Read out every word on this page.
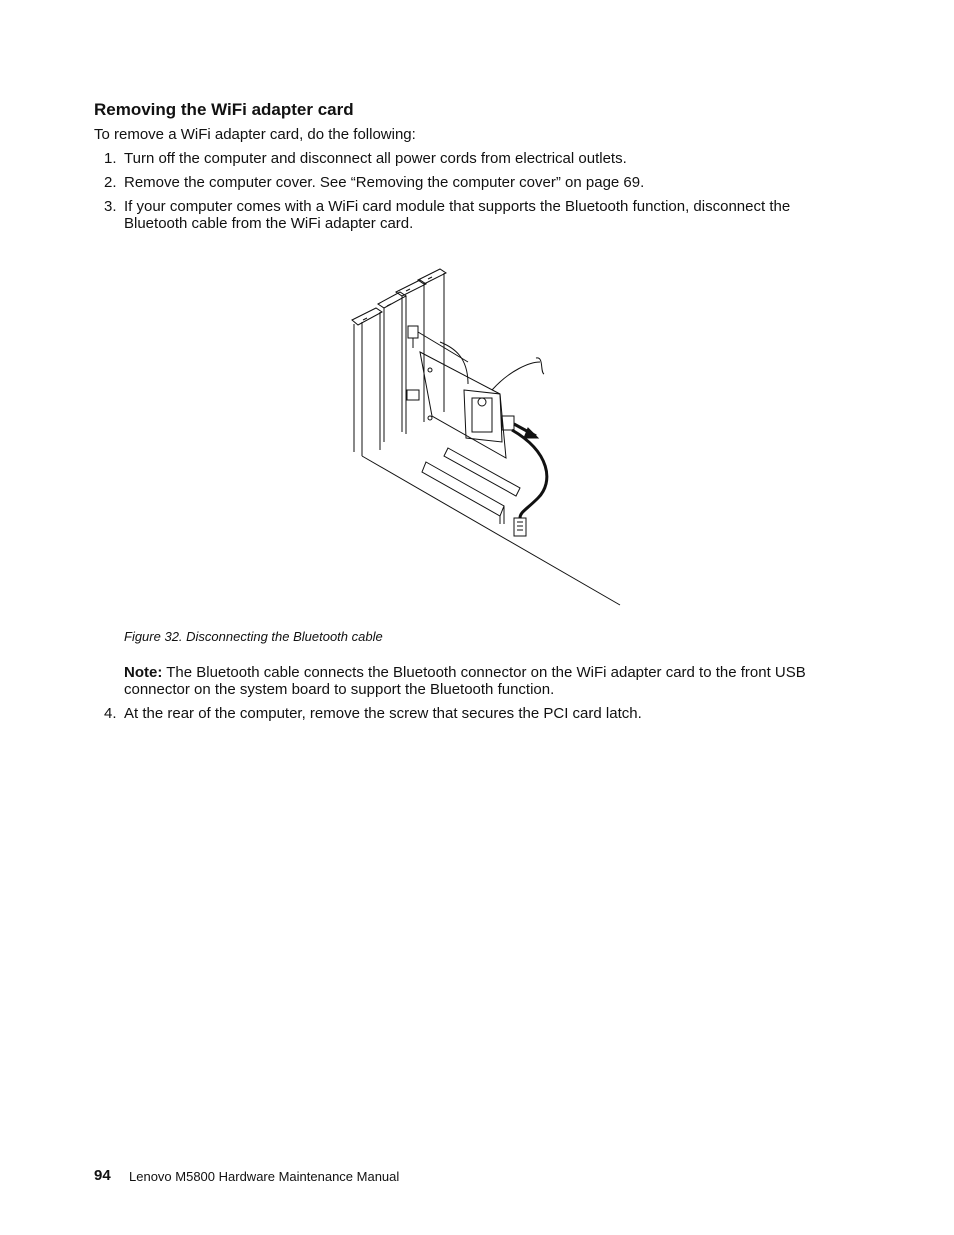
Removing the WiFi adapter card

To remove a WiFi adapter card, do the following:

1. Turn off the computer and disconnect all power cords from electrical outlets.
2. Remove the computer cover. See “Removing the computer cover” on page 69.
3. If your computer comes with a WiFi card module that supports the Bluetooth function, disconnect the Bluetooth cable from the WiFi adapter card.
Figure 32. Disconnecting the Bluetooth cable
Note: The Bluetooth cable connects the Bluetooth connector on the WiFi adapter card to the front USB connector on the system board to support the Bluetooth function.
4. At the rear of the computer, remove the screw that secures the PCI card latch.
94 Lenovo M5800 Hardware Maintenance Manual
